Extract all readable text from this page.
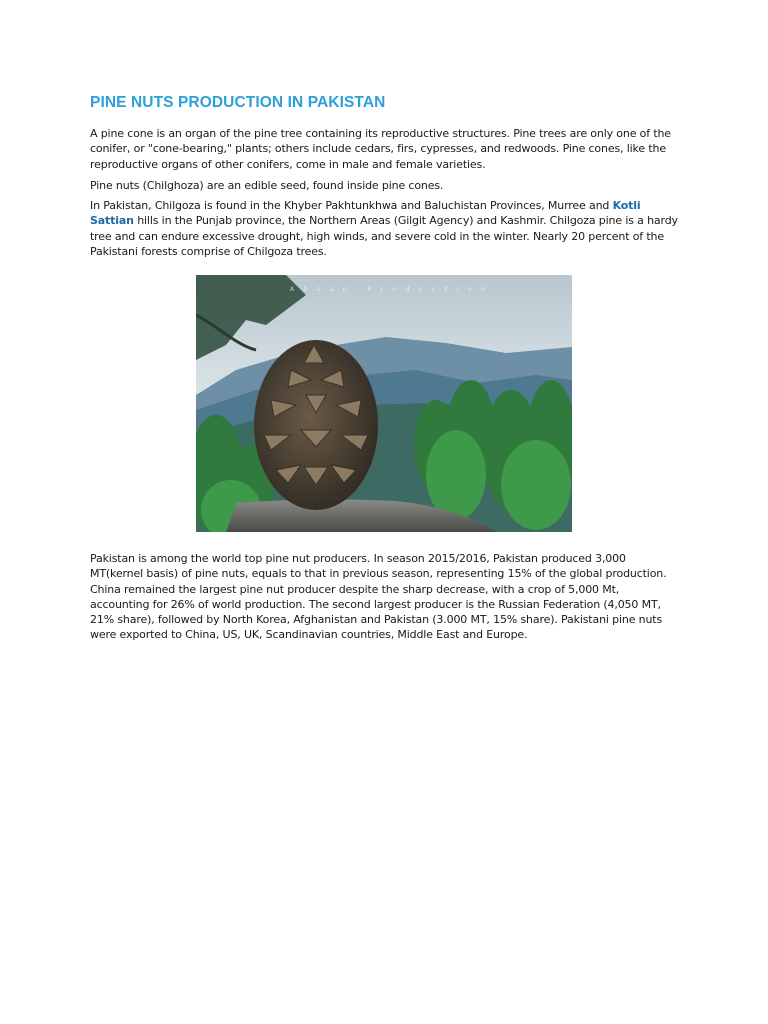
PINE NUTS PRODUCTION IN PAKISTAN

A pine cone is an organ of the pine tree containing its reproductive structures. Pine trees are only one of the conifer, or "cone-bearing," plants; others include cedars, firs, cypresses, and redwoods. Pine cones, like the reproductive organs of other conifers, come in male and female varieties.

Pine nuts (Chilghoza) are an edible seed, found inside pine cones.

In Pakistan, Chilgoza is found in the Khyber Pakhtunkhwa and Baluchistan Provinces, Murree and Kotli Sattian hills in the Punjab province, the Northern Areas (Gilgit Agency) and Kashmir. Chilgoza pine is a hardy tree and can endure excessive drought, high winds, and severe cold in the winter. Nearly 20 percent of the Pakistani forests comprise of Chilgoza trees.

Pakistan is among the world top pine nut producers. In season 2015/2016, Pakistan produced 3,000 MT(kernel basis) of pine nuts, equals to that in previous season, representing 15% of the global production. China remained the largest pine nut producer despite the sharp decrease, with a crop of 5,000 Mt, accounting for 26% of world production. The second largest producer is the Russian Federation (4,050 MT, 21% share), followed by North Korea, Afghanistan and Pakistan (3.000 MT, 15% share). Pakistani pine nuts were exported to China, US, UK, Scandinavian countries, Middle East and Europe.

Ahsan Production
